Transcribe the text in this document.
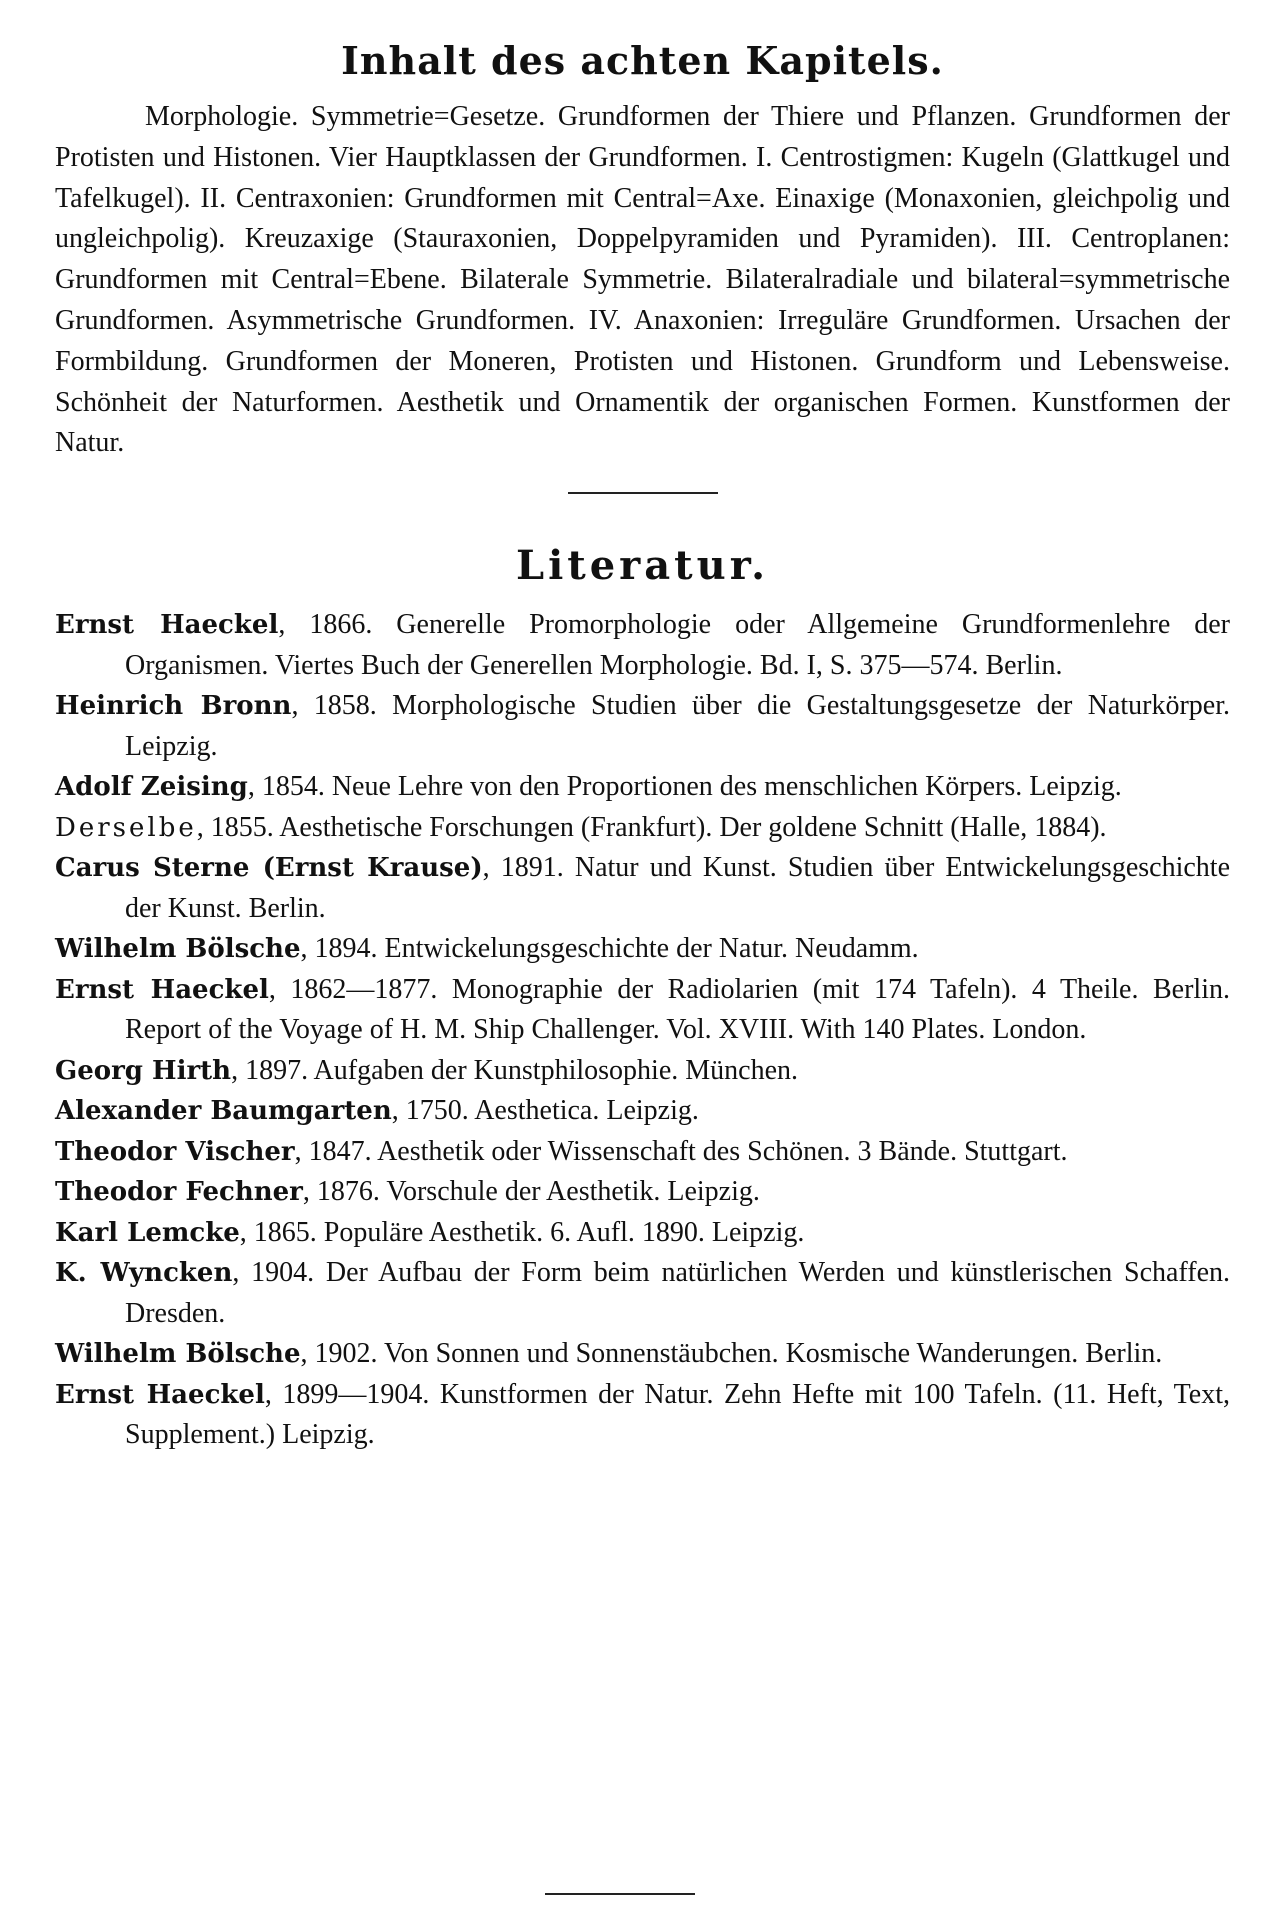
Inhalt des achten Kapitels.

Morphologie. Symmetrie=Gesetze. Grundformen der Thiere und Pflanzen. Grundformen der Protisten und Histonen. Vier Hauptklassen der Grundformen. I. Centrostigmen: Kugeln (Glattkugel und Tafelkugel). II. Centraxonien: Grundformen mit Central=Axe. Einaxige (Monaxonien, gleichpolig und ungleichpolig). Kreuzaxige (Stauraxonien, Doppelpyramiden und Pyramiden). III. Centroplanen: Grundformen mit Central=Ebene. Bilaterale Symmetrie. Bilateralradiale und bilateral=symmetrische Grundformen. Asymmetrische Grundformen. IV. Anaxonien: Irreguläre Grundformen. Ursachen der Formbildung. Grundformen der Moneren, Protisten und Histonen. Grundform und Lebensweise. Schönheit der Naturformen. Aesthetik und Ornamentik der organischen Formen. Kunstformen der Natur.

Literatur.

Ernst Haeckel, 1866. Generelle Promorphologie oder Allgemeine Grundformenlehre der Organismen. Viertes Buch der Generellen Morphologie. Bd. I, S. 375—574. Berlin.

Heinrich Bronn, 1858. Morphologische Studien über die Gestaltungsgesetze der Naturkörper. Leipzig.

Adolf Zeising, 1854. Neue Lehre von den Proportionen des menschlichen Körpers. Leipzig.

Derselbe, 1855. Aesthetische Forschungen (Frankfurt). Der goldene Schnitt (Halle, 1884).

Carus Sterne (Ernst Krause), 1891. Natur und Kunst. Studien über Entwickelungsgeschichte der Kunst. Berlin.

Wilhelm Bölsche, 1894. Entwickelungsgeschichte der Natur. Neudamm.

Ernst Haeckel, 1862—1877. Monographie der Radiolarien (mit 174 Tafeln). 4 Theile. Berlin. Report of the Voyage of H. M. Ship Challenger. Vol. XVIII. With 140 Plates. London.

Georg Hirth, 1897. Aufgaben der Kunstphilosophie. München.

Alexander Baumgarten, 1750. Aesthetica. Leipzig.

Theodor Vischer, 1847. Aesthetik oder Wissenschaft des Schönen. 3 Bände. Stuttgart.

Theodor Fechner, 1876. Vorschule der Aesthetik. Leipzig.

Karl Lemcke, 1865. Populäre Aesthetik. 6. Aufl. 1890. Leipzig.

K. Wyncken, 1904. Der Aufbau der Form beim natürlichen Werden und künstlerischen Schaffen. Dresden.

Wilhelm Bölsche, 1902. Von Sonnen und Sonnenstäubchen. Kosmische Wanderungen. Berlin.

Ernst Haeckel, 1899—1904. Kunstformen der Natur. Zehn Hefte mit 100 Tafeln. (11. Heft, Text, Supplement.) Leipzig.
